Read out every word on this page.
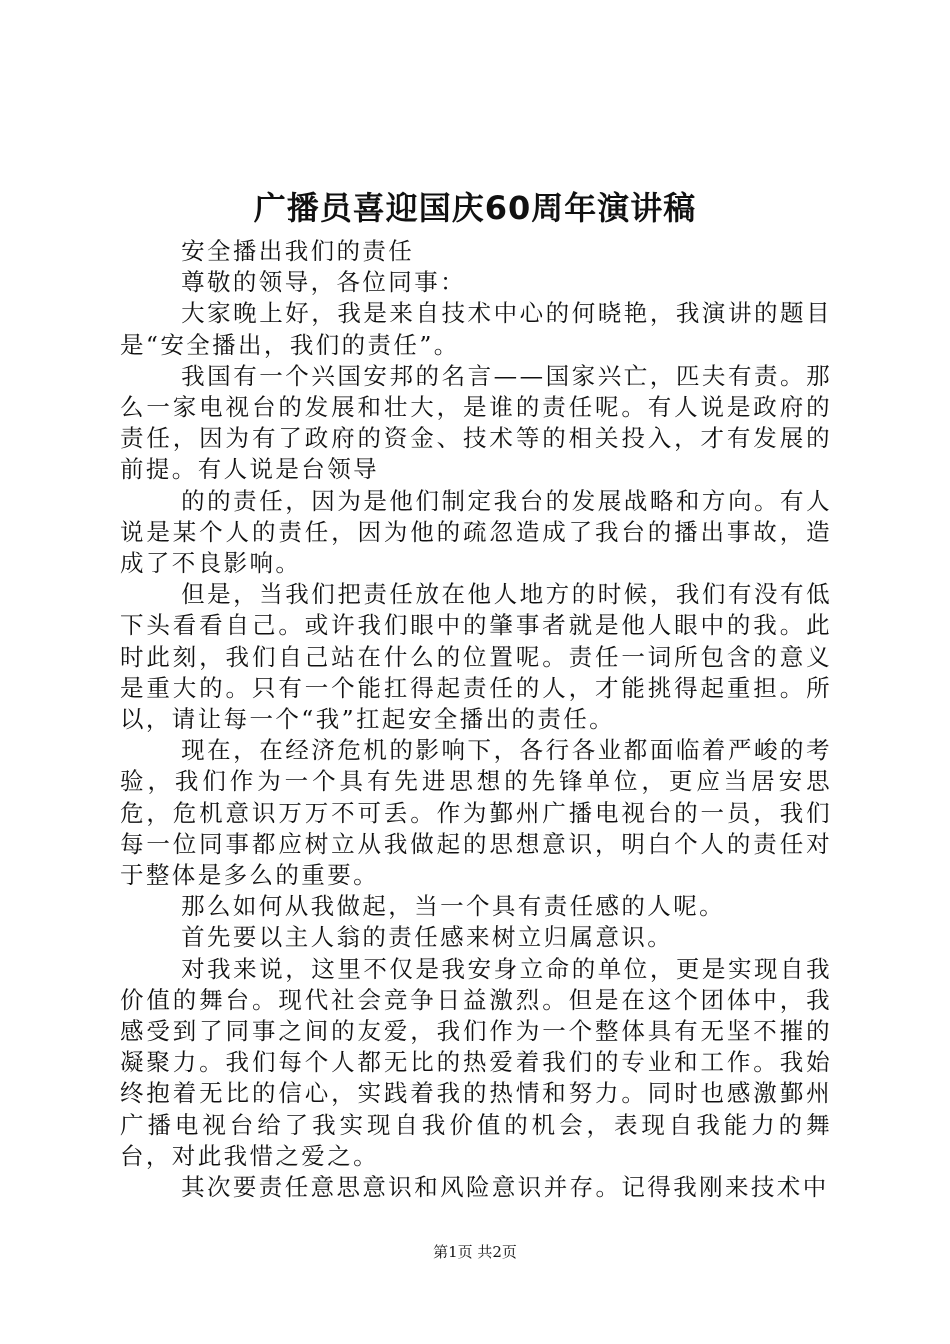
广播员喜迎国庆60周年演讲稿

安全播出我们的责任

尊敬的领导，各位同事：

大家晚上好，我是来自技术中心的何晓艳，我演讲的题目是“安全播出，我们的责任”。

我国有一个兴国安邦的名言——国家兴亡，匹夫有责。那么一家电视台的发展和壮大，是谁的责任呢。有人说是政府的责任，因为有了政府的资金、技术等的相关投入，才有发展的前提。有人说是台领导

的的责任，因为是他们制定我台的发展战略和方向。有人说是某个人的责任，因为他的疏忽造成了我台的播出事故，造成了不良影响。

但是，当我们把责任放在他人地方的时候，我们有没有低下头看看自己。或许我们眼中的肇事者就是他人眼中的我。此时此刻，我们自己站在什么的位置呢。责任一词所包含的意义是重大的。只有一个能扛得起责任的人，才能挑得起重担。所以，请让每一个“我”扛起安全播出的责任。

现在，在经济危机的影响下，各行各业都面临着严峻的考验，我们作为一个具有先进思想的先锋单位，更应当居安思危，危机意识万万不可丢。作为鄞州广播电视台的一员，我们每一位同事都应树立从我做起的思想意识，明白个人的责任对于整体是多么的重要。

那么如何从我做起，当一个具有责任感的人呢。

首先要以主人翁的责任感来树立归属意识。

对我来说，这里不仅是我安身立命的单位，更是实现自我价值的舞台。现代社会竞争日益激烈。但是在这个团体中，我感受到了同事之间的友爱，我们作为一个整体具有无坚不摧的凝聚力。我们每个人都无比的热爱着我们的专业和工作。我始终抱着无比的信心，实践着我的热情和努力。同时也感激鄞州广播电视台给了我实现自我价值的机会，表现自我能力的舞台，对此我惜之爱之。

其次要责任意思意识和风险意识并存。记得我刚来技术中

第1页 共2页
